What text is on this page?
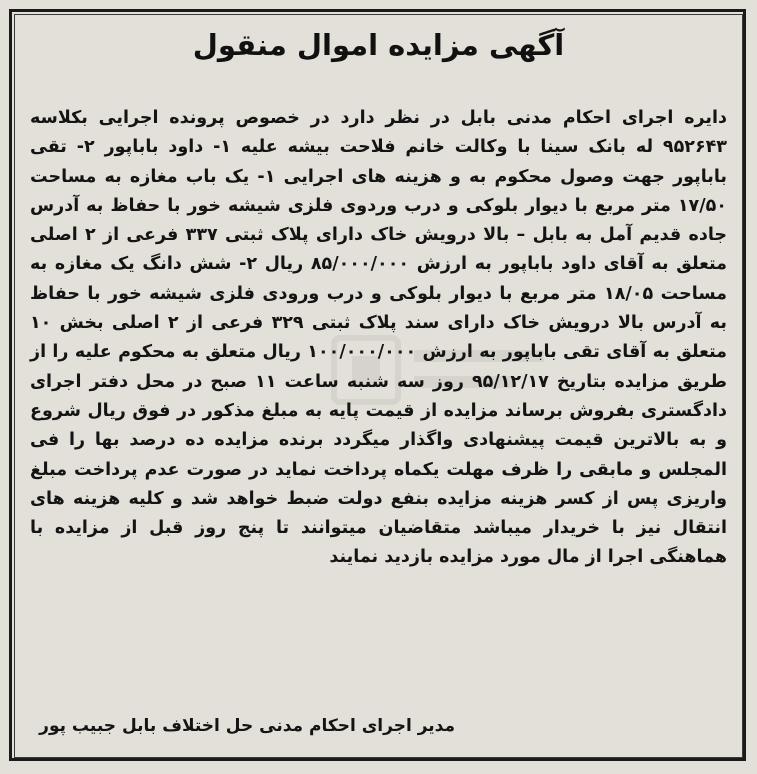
آگهی مزایده اموال منقول

دایره اجرای احکام مدنی بابل در نظر دارد در خصوص پرونده اجرایی بکلاسه ۹۵۲۶۴۳ له بانک سینا با وکالت خانم فلاحت بیشه علیه ۱- داود باباپور ۲- تقی باباپور جهت وصول محکوم به و هزینه های اجرایی ۱- یک باب مغازه به مساحت ۱۷/۵۰ متر مربع با دیوار بلوکی و درب وردوی فلزی شیشه خور با حفاظ به آدرس جاده قدیم آمل به بابل – بالا درویش خاک دارای پلاک ثبتی ۳۳۷ فرعی از ۲ اصلی متعلق به آقای داود باباپور به ارزش ۸۵/۰۰۰/۰۰۰ ریال ۲- شش دانگ یک مغازه به مساحت ۱۸/۰۵ متر مربع با دیوار بلوکی و درب ورودی فلزی شیشه خور با حفاظ به آدرس بالا درویش خاک دارای سند پلاک ثبتی ۳۲۹ فرعی از ۲ اصلی بخش ۱۰ متعلق به آقای تقی باباپور به ارزش ۱۰۰/۰۰۰/۰۰۰ ریال متعلق به محکوم علیه را از طریق مزایده بتاریخ ۹۵/۱۲/۱۷ روز سه شنبه ساعت ۱۱ صبح در محل دفتر اجرای دادگستری بفروش برساند مزایده از قیمت پایه به مبلغ مذکور در فوق ریال شروع و به بالاترین قیمت پیشنهادی واگذار میگردد برنده مزایده ده درصد بها را فی المجلس و مابقی را ظرف مهلت یکماه پرداخت نماید در صورت عدم پرداخت مبلغ واریزی پس از کسر هزینه مزایده بنفع دولت ضبط خواهد شد و کلیه هزینه های انتقال نیز با خریدار میباشد متقاضیان میتوانند تا پنج روز قبل از مزایده با هماهنگی اجرا از مال مورد مزایده بازدید نمایند

مدیر اجرای احکام مدنی حل اختلاف بابل جبیب پور
